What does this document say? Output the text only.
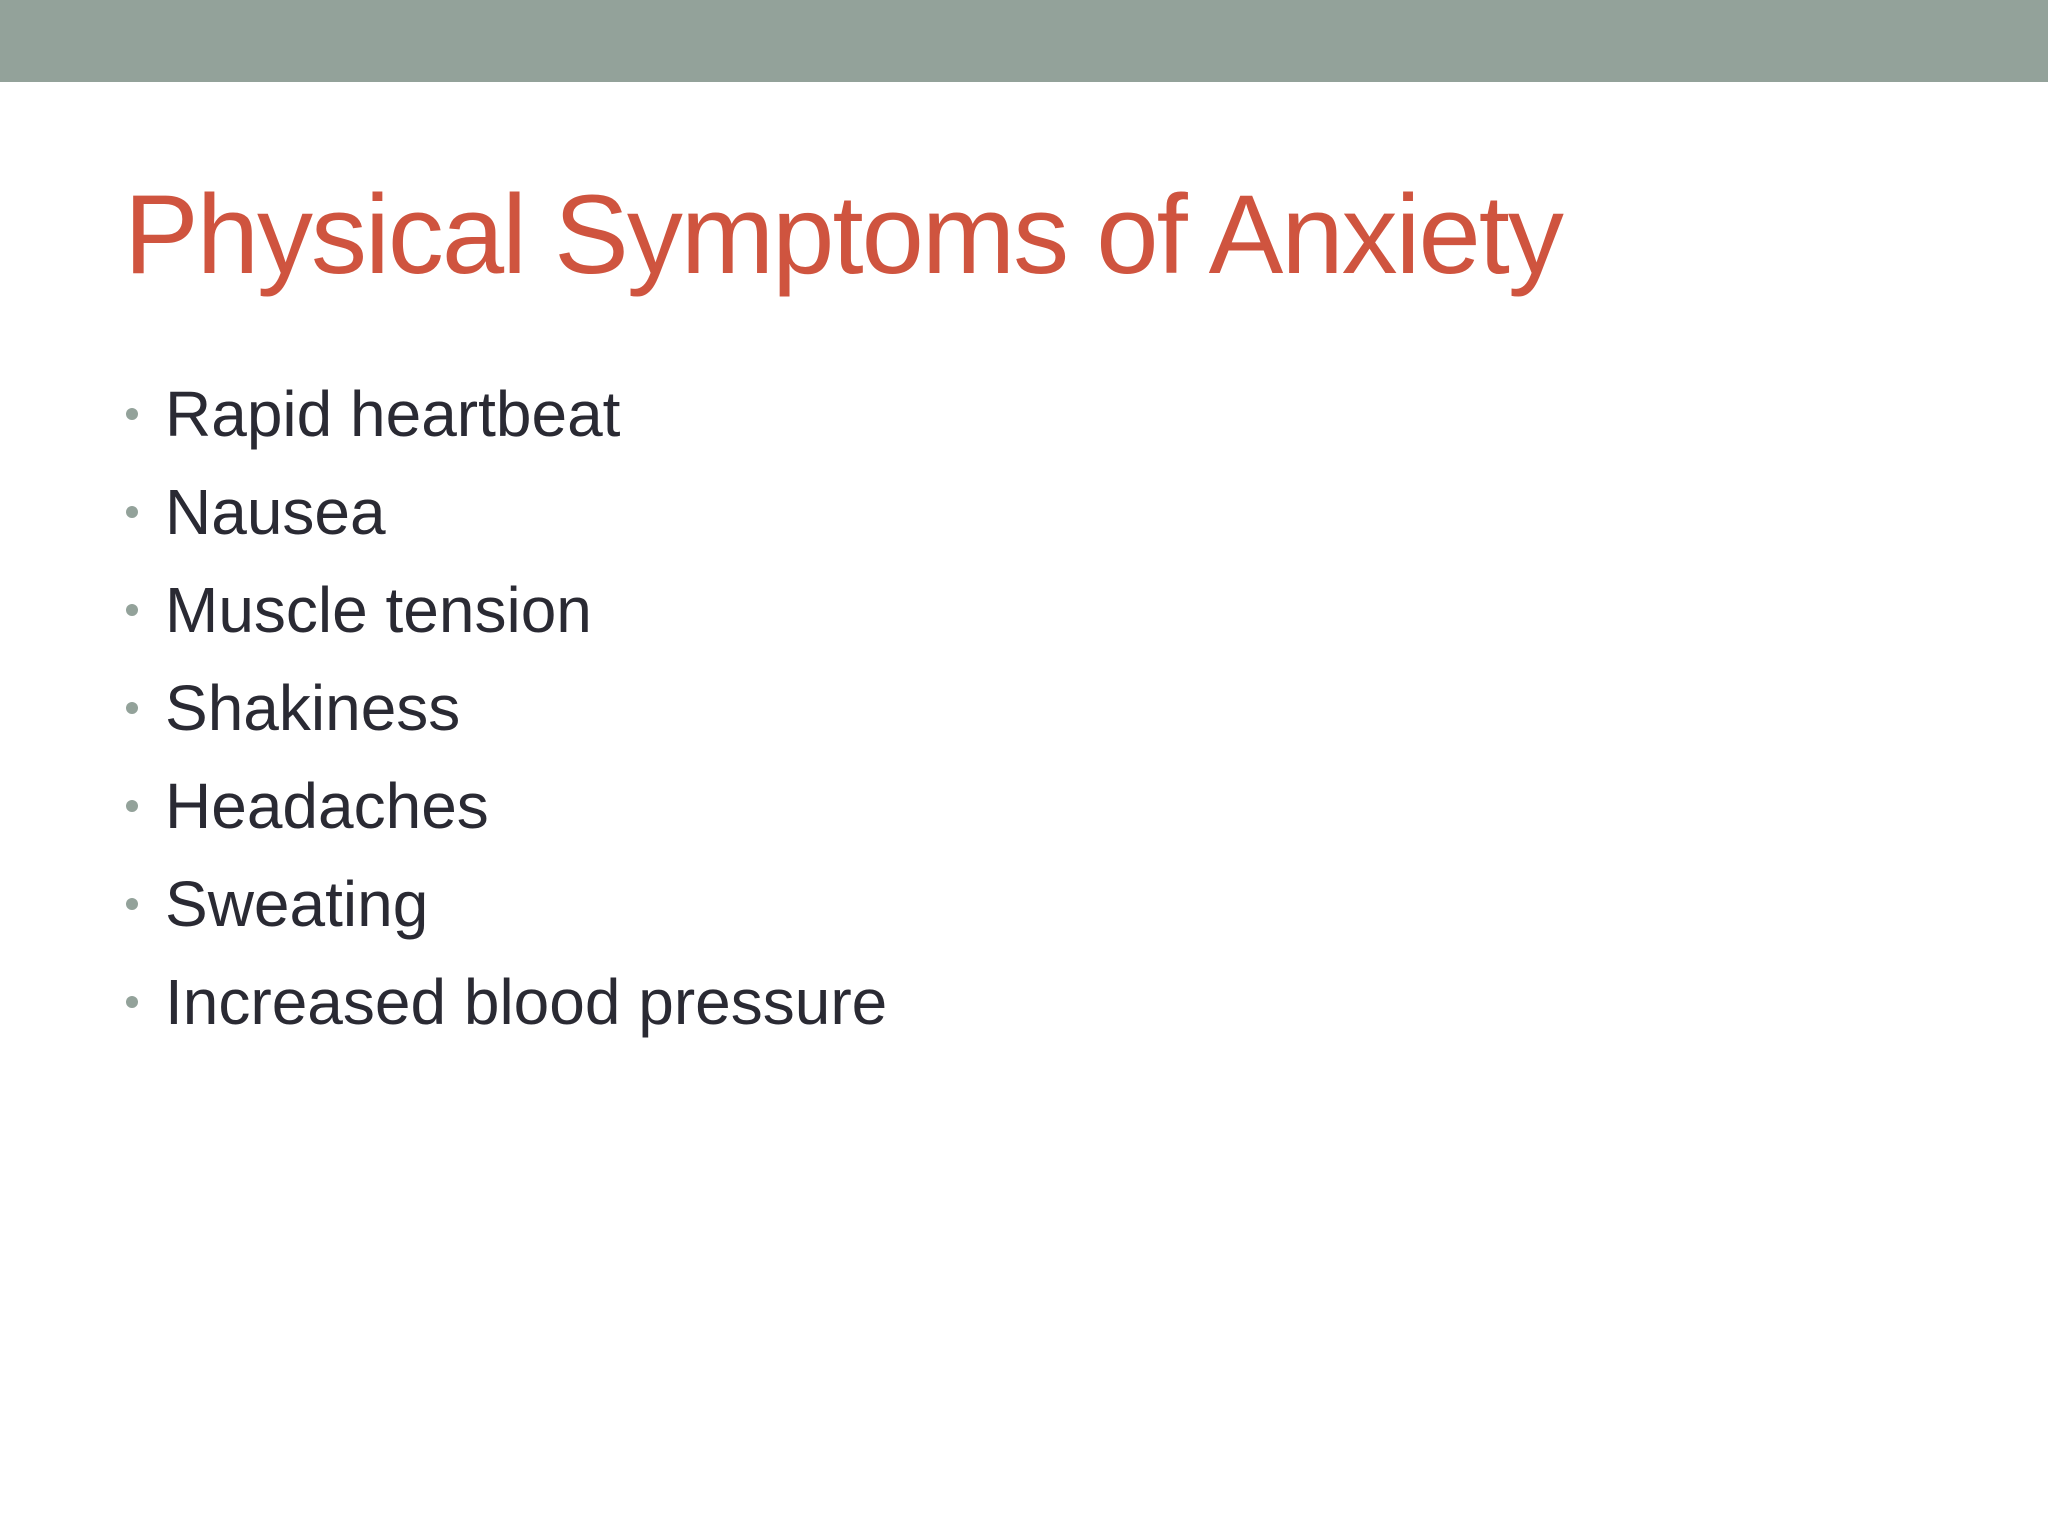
Physical Symptoms of Anxiety
Rapid heartbeat
Nausea
Muscle tension
Shakiness
Headaches
Sweating
Increased blood pressure
